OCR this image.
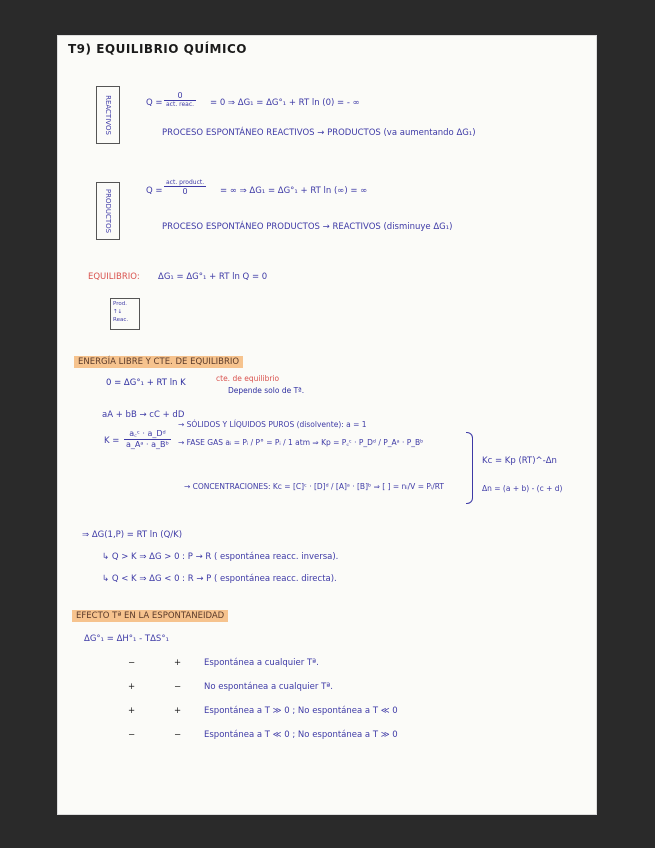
T9) EQUILIBRIO QUÍMICO
REACTIVOS	Q =
0
act. reac. = 0 ⇒ ΔG₁ = ΔG°₁ + RT ln (0) = - ∞
PROCESO ESPONTÁNEO REACTIVOS → PRODUCTOS (va aumentando ΔG₁)
PRODUCTOS	Q =
act. product.
0	= ∞ ⇒ ΔG₁ = ΔG°₁ + RT ln (∞) = ∞
PROCESO ESPONTÁNEO PRODUCTOS → REACTIVOS (disminuye ΔG₁)
EQUILIBRIO: ΔG₁ = ΔG°₁ + RT ln Q = 0
Prod.
↑↓
Reac.
ENERGÍA LIBRE Y CTE. DE EQUILIBRIO
0 = ΔG°₁ + RT ln K	cte. de equilibrio
Depende solo de Tª.
aA + bB → cC + dD
$K = \frac{\text{a꜀ᶜ · a\_Dᵈ}}{\text{a\_Aᵃ · a\_Bᵇ}}$
→ SÓLIDOS Y LÍQUIDOS PUROS (disolvente): a = 1
→ FASE GAS aᵢ = Pᵢ / P° = Pᵢ / 1 atm ⇒ Kp = P꜀ᶜ · P_Dᵈ / P_Aᵃ · P_Bᵇ
→ CONCENTRACIONES: Kc = [C]ᶜ · [D]ᵈ / [A]ᵃ · [B]ᵇ ⇒ [ ] = nᵢ/V = Pᵢ/RT
Kc = Kp (RT)^-Δn
Δn = (a + b) - (c + d)
⇒ ΔG(1,P) = RT ln (Q/K)
↳ Q > K ⇒ ΔG > 0 : P → R ( espontánea reacc. inversa).
↳ Q < K ⇒ ΔG < 0 : R → P ( espontánea reacc. directa).
EFECTO Tª EN LA ESPONTANEIDAD
ΔG°₁ = ΔH°₁ - TΔS°₁
−	+	Espontánea a cualquier Tª.
+	−	No espontánea a cualquier Tª.
+	+	Espontánea a T ≫ 0 ; No espontánea a T ≪ 0
−	−	Espontánea a T ≪ 0 ; No espontánea a T ≫ 0
